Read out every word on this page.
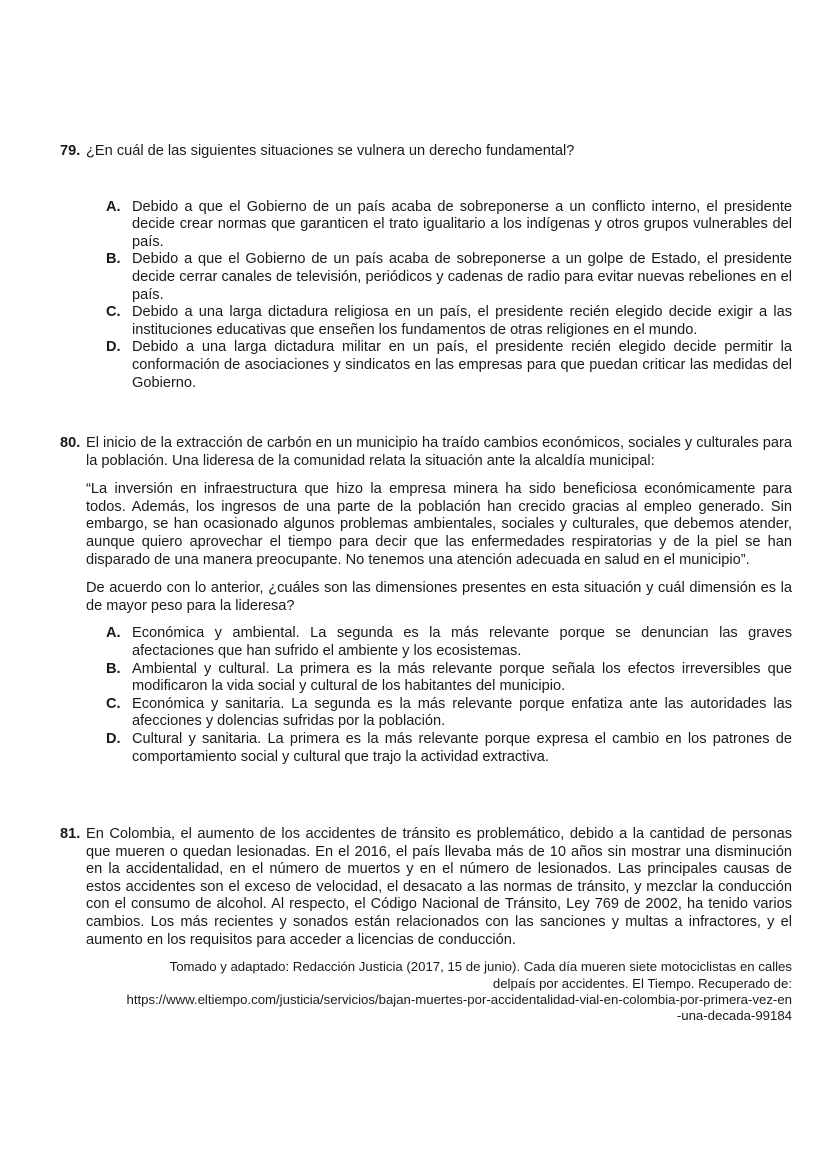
79. ¿En cuál de las siguientes situaciones se vulnera un derecho fundamental?
A. Debido a que el Gobierno de un país acaba de sobreponerse a un conflicto interno, el presidente decide crear normas que garanticen el trato igualitario a los indígenas y otros grupos vulnerables del país.
B. Debido a que el Gobierno de un país acaba de sobreponerse a un golpe de Estado, el presidente decide cerrar canales de televisión, periódicos y cadenas de radio para evitar nuevas rebeliones en el país.
C. Debido a una larga dictadura religiosa en un país, el presidente recién elegido decide exigir a las instituciones educativas que enseñen los fundamentos de otras religiones en el mundo.
D. Debido a una larga dictadura militar en un país, el presidente recién elegido decide permitir la conformación de asociaciones y sindicatos en las empresas para que puedan criticar las medidas del Gobierno.
80. El inicio de la extracción de carbón en un municipio ha traído cambios económicos, sociales y culturales para la población. Una lideresa de la comunidad relata la situación ante la alcaldía municipal:
“La inversión en infraestructura que hizo la empresa minera ha sido beneficiosa económicamente para todos. Además, los ingresos de una parte de la población han crecido gracias al empleo generado. Sin embargo, se han ocasionado algunos problemas ambientales, sociales y culturales, que debemos atender, aunque quiero aprovechar el tiempo para decir que las enfermedades respiratorias y de la piel se han disparado de una manera preocupante. No tenemos una atención adecuada en salud en el municipio”.
De acuerdo con lo anterior, ¿cuáles son las dimensiones presentes en esta situación y cuál dimensión es la de mayor peso para la lideresa?
A. Económica y ambiental. La segunda es la más relevante porque se denuncian las graves afectaciones que han sufrido el ambiente y los ecosistemas.
B. Ambiental y cultural. La primera es la más relevante porque señala los efectos irreversibles que modificaron la vida social y cultural de los habitantes del municipio.
C. Económica y sanitaria. La segunda es la más relevante porque enfatiza ante las autoridades las afecciones y dolencias sufridas por la población.
D. Cultural y sanitaria. La primera es la más relevante porque expresa el cambio en los patrones de comportamiento social y cultural que trajo la actividad extractiva.
81. En Colombia, el aumento de los accidentes de tránsito es problemático, debido a la cantidad de personas que mueren o quedan lesionadas. En el 2016, el país llevaba más de 10 años sin mostrar una disminución en la accidentalidad, en el número de muertos y en el número de lesionados. Las principales causas de estos accidentes son el exceso de velocidad, el desacato a las normas de tránsito, y mezclar la conducción con el consumo de alcohol. Al respecto, el Código Nacional de Tránsito, Ley 769 de 2002, ha tenido varios cambios. Los más recientes y sonados están relacionados con las sanciones y multas a infractores, y el aumento en los requisitos para acceder a licencias de conducción.
Tomado y adaptado: Redacción Justicia (2017, 15 de junio). Cada día mueren siete motociclistas en calles
delpaís por accidentes. El Tiempo. Recuperado de:
https://www.eltiempo.com/justicia/servicios/bajan-muertes-por-accidentalidad-vial-en-colombia-por-primera-vez-en
-una-decada-99184
